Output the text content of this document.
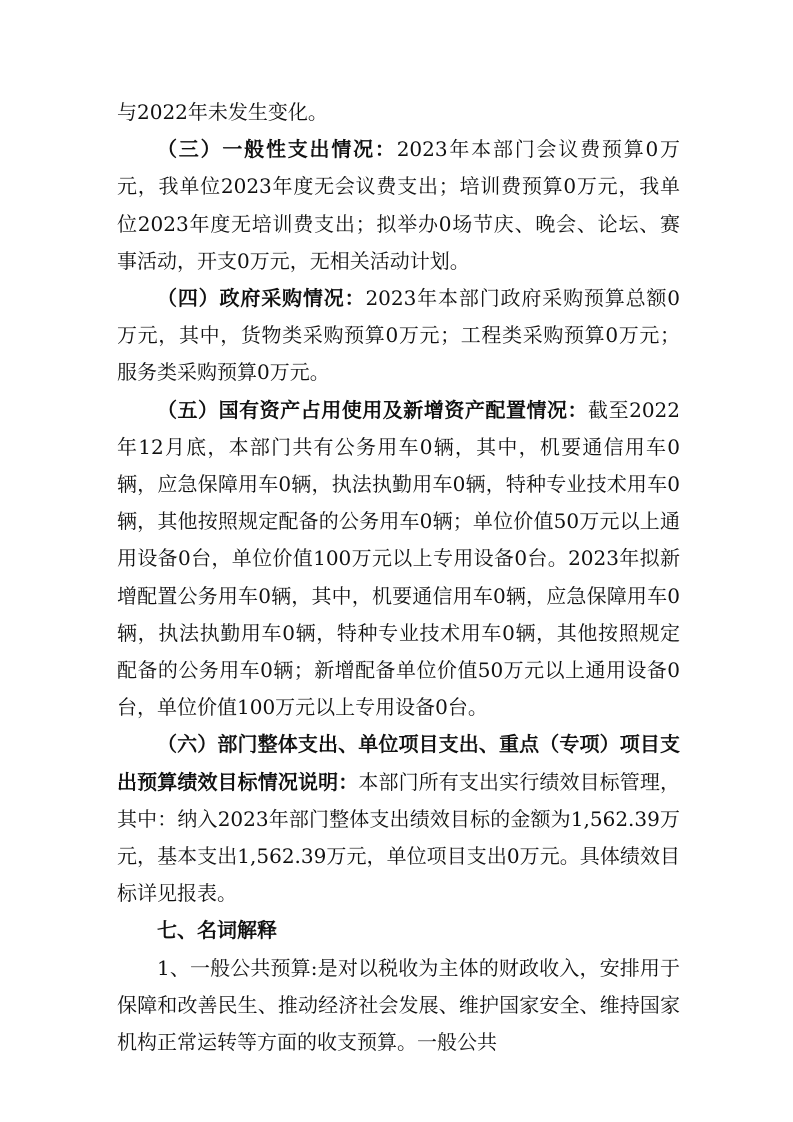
与2022年未发生变化。

（三）一般性支出情况：2023年本部门会议费预算0万元，我单位2023年度无会议费支出；培训费预算0万元，我单位2023年度无培训费支出；拟举办0场节庆、晚会、论坛、赛事活动，开支0万元，无相关活动计划。

（四）政府采购情况：2023年本部门政府采购预算总额0万元，其中，货物类采购预算0万元；工程类采购预算0万元；服务类采购预算0万元。

（五）国有资产占用使用及新增资产配置情况：截至2022年12月底，本部门共有公务用车0辆，其中，机要通信用车0辆，应急保障用车0辆，执法执勤用车0辆，特种专业技术用车0辆，其他按照规定配备的公务用车0辆；单位价值50万元以上通用设备0台，单位价值100万元以上专用设备0台。2023年拟新增配置公务用车0辆，其中，机要通信用车0辆，应急保障用车0辆，执法执勤用车0辆，特种专业技术用车0辆，其他按照规定配备的公务用车0辆；新增配备单位价值50万元以上通用设备0台，单位价值100万元以上专用设备0台。

（六）部门整体支出、单位项目支出、重点（专项）项目支出预算绩效目标情况说明：本部门所有支出实行绩效目标管理，其中：纳入2023年部门整体支出绩效目标的金额为1,562.39万元，基本支出1,562.39万元，单位项目支出0万元。具体绩效目标详见报表。

七、名词解释

1、一般公共预算:是对以税收为主体的财政收入，安排用于保障和改善民生、推动经济社会发展、维护国家安全、维持国家机构正常运转等方面的收支预算。一般公共
